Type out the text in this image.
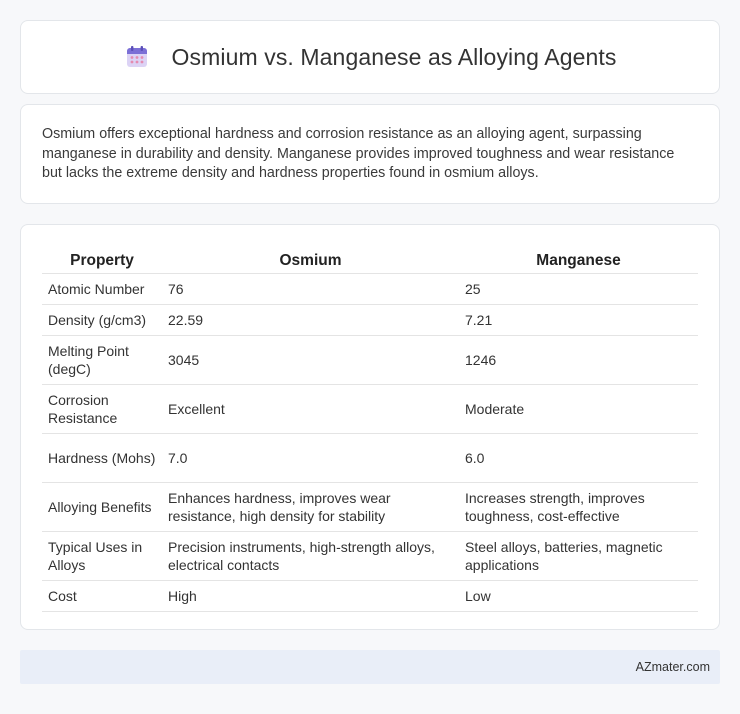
Osmium vs. Manganese as Alloying Agents

Osmium offers exceptional hardness and corrosion resistance as an alloying agent, surpassing manganese in durability and density. Manganese provides improved toughness and wear resistance but lacks the extreme density and hardness properties found in osmium alloys.

Property	Osmium	Manganese
Atomic Number	76	25
Density (g/cm3)	22.59	7.21
Melting Point (degC)	3045	1246
Corrosion Resistance	Excellent	Moderate
Hardness (Mohs)	7.0	6.0
Alloying Benefits	Enhances hardness, improves wear resistance, high density for stability	Increases strength, improves toughness, cost-effective
Typical Uses in Alloys	Precision instruments, high-strength alloys, electrical contacts	Steel alloys, batteries, magnetic applications
Cost	High	Low
AZmater.com
